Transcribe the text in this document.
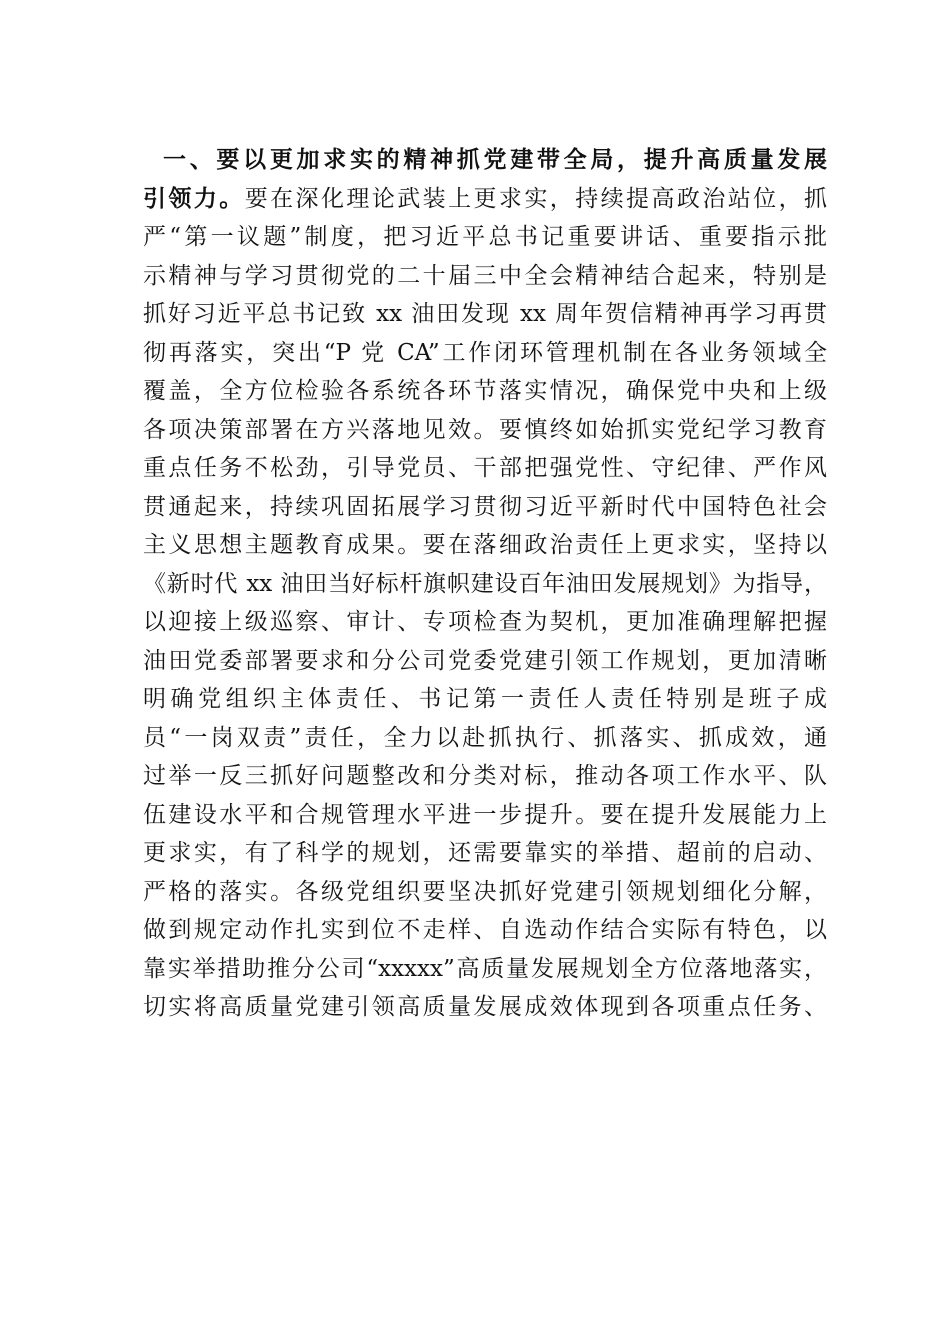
一、要以更加求实的精神抓党建带全局，提升高质量发展
引领力。要在深化理论武装上更求实，持续提高政治站位，抓
严“第一议题”制度，把习近平总书记重要讲话、重要指示批
示精神与学习贯彻党的二十届三中全会精神结合起来，特别是
抓好习近平总书记致 xx 油田发现 xx 周年贺信精神再学习再贯
彻再落实，突出“P 党 CA”工作闭环管理机制在各业务领域全
覆盖，全方位检验各系统各环节落实情况，确保党中央和上级
各项决策部署在方兴落地见效。要慎终如始抓实党纪学习教育
重点任务不松劲，引导党员、干部把强党性、守纪律、严作风
贯通起来，持续巩固拓展学习贯彻习近平新时代中国特色社会
主义思想主题教育成果。要在落细政治责任上更求实，坚持以
《新时代 xx 油田当好标杆旗帜建设百年油田发展规划》为指导，
以迎接上级巡察、审计、专项检查为契机，更加准确理解把握
油田党委部署要求和分公司党委党建引领工作规划，更加清晰
明确党组织主体责任、书记第一责任人责任特别是班子成
员“一岗双责”责任，全力以赴抓执行、抓落实、抓成效，通
过举一反三抓好问题整改和分类对标，推动各项工作水平、队
伍建设水平和合规管理水平进一步提升。要在提升发展能力上
更求实，有了科学的规划，还需要靠实的举措、超前的启动、
严格的落实。各级党组织要坚决抓好党建引领规划细化分解，
做到规定动作扎实到位不走样、自选动作结合实际有特色，以
靠实举措助推分公司“xxxxx”高质量发展规划全方位落地落实，
切实将高质量党建引领高质量发展成效体现到各项重点任务、
